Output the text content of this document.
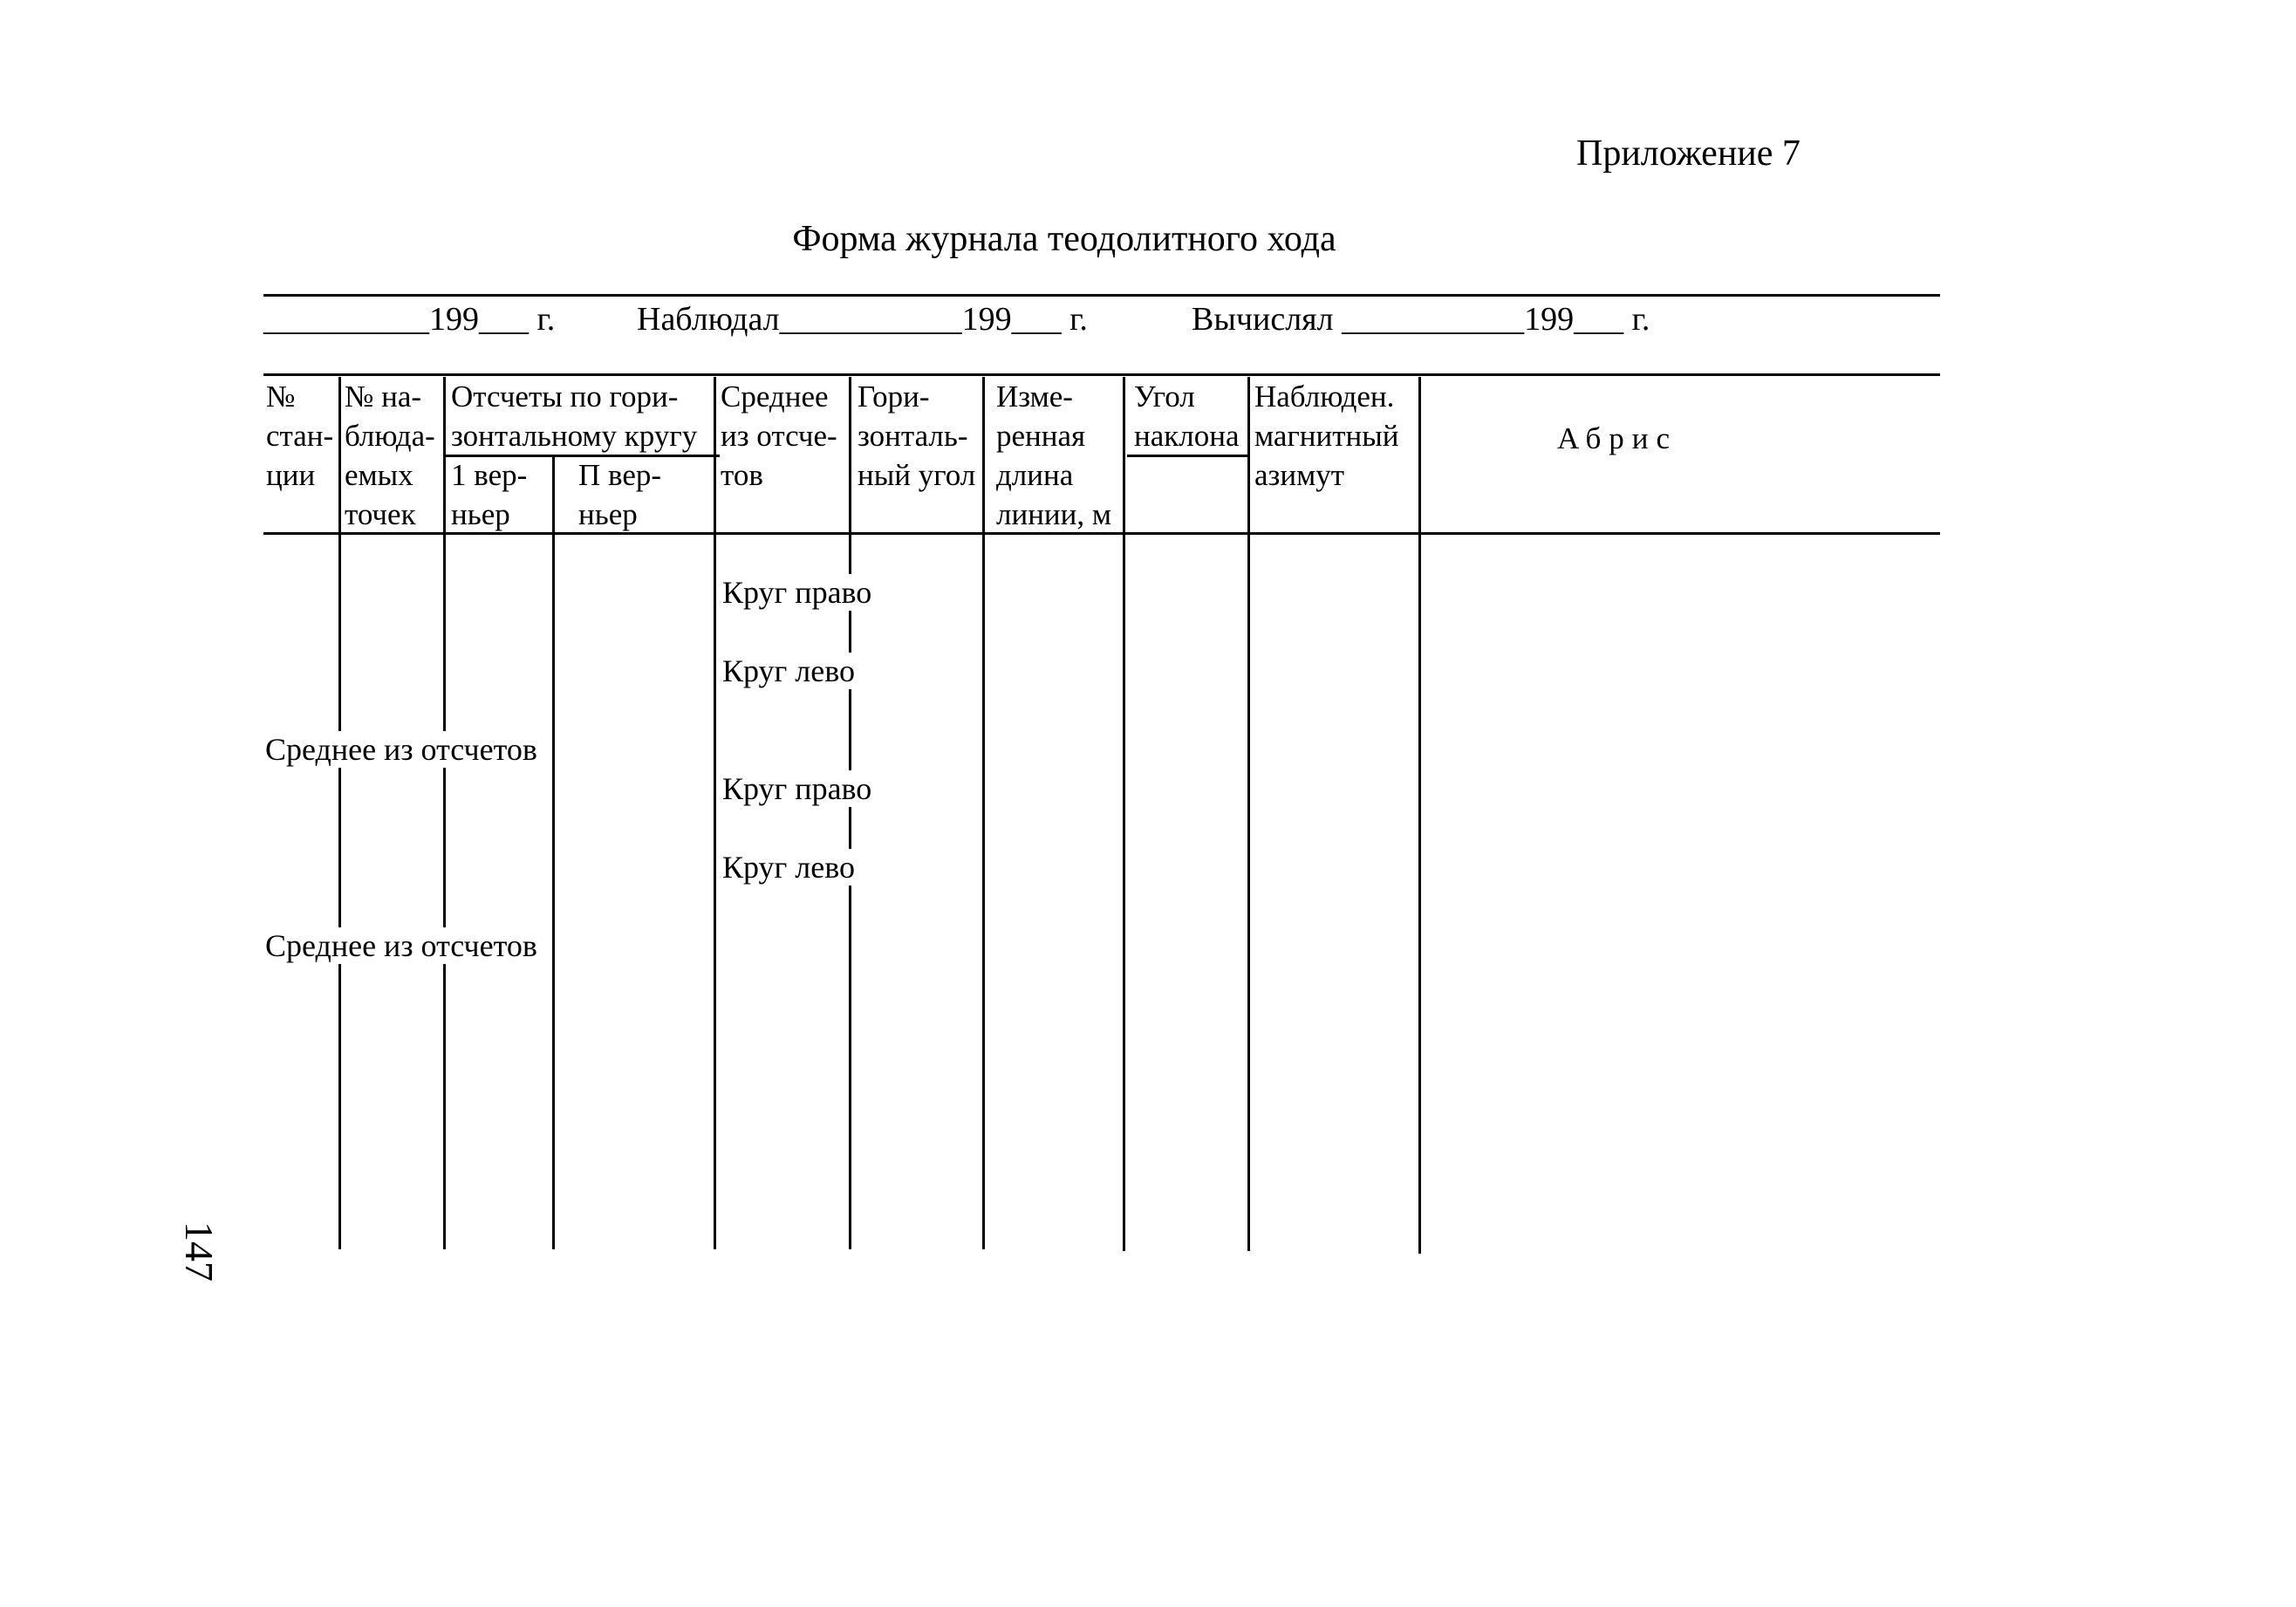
Приложение 7
Форма журнала теодолитного хода
__________199___ г. Наблюдал___________199___ г.	Вычислял ___________199___ г.
№
стан-
ции
№ на-
блюда-
емых
точек
Отсчеты по гори-
зонтальному кругу
1 вер-
ньер
П вер-
ньер
Среднее
из отсче-
тов
Гори-
зонталь-
ный угол
Изме-
ренная
длина
линии, м
Угол
наклона
Наблюден.
магнитный
азимут
Абрис
Круг право
Круг лево
Среднее из отсчетов
Круг право
Круг лево
Среднее из отсчетов
147
